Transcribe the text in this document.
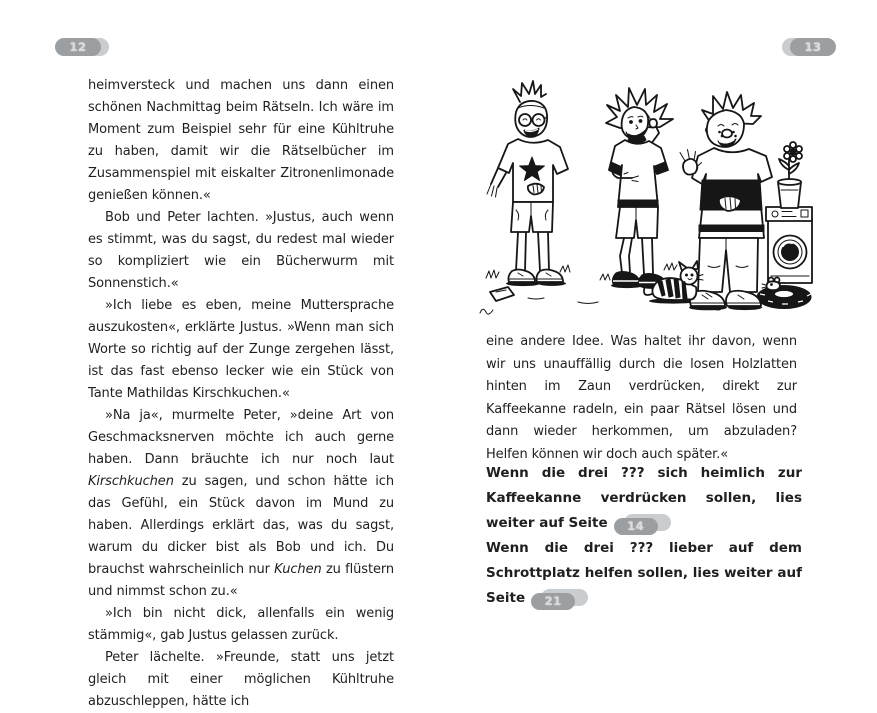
12	13

heimversteck und machen uns dann einen schönen Nachmittag beim Rätseln. Ich wäre im Moment zum Beispiel sehr für eine Kühltruhe zu haben, damit wir die Rätselbücher im Zusammenspiel mit eiskalter Zitronenlimonade genießen können.«

Bob und Peter lachten. »Justus, auch wenn es stimmt, was du sagst, du redest mal wieder so kompliziert wie ein Bücherwurm mit Sonnenstich.«

»Ich liebe es eben, meine Muttersprache auszukosten«, erklärte Justus. »Wenn man sich Worte so richtig auf der Zunge zergehen lässt, ist das fast ebenso lecker wie ein Stück von Tante Mathildas Kirschkuchen.«

»Na ja«, murmelte Peter, »deine Art von Geschmacksnerven möchte ich auch gerne haben. Dann bräuchte ich nur noch laut Kirschkuchen zu sagen, und schon hätte ich das Gefühl, ein Stück davon im Mund zu haben. Allerdings erklärt das, was du sagst, warum du dicker bist als Bob und ich. Du brauchst wahrscheinlich nur Kuchen zu flüstern und nimmst schon zu.«

»Ich bin nicht dick, allenfalls ein wenig stämmig«, gab Justus gelassen zurück.

Peter lächelte. »Freunde, statt uns jetzt gleich mit einer möglichen Kühltruhe abzuschleppen, hätte ich

eine andere Idee. Was haltet ihr davon, wenn wir uns unauffällig durch die losen Holzlatten hinten im Zaun verdrücken, direkt zur Kaffeekanne radeln, ein paar Rätsel lösen und dann wieder herkommen, um abzuladen? Helfen können wir doch auch später.«

Wenn die drei ??? sich heimlich zur Kaffeekanne verdrücken sollen, lies weiter auf Seite 14

Wenn die drei ??? lieber auf dem Schrottplatz helfen sollen, lies weiter auf Seite 21
